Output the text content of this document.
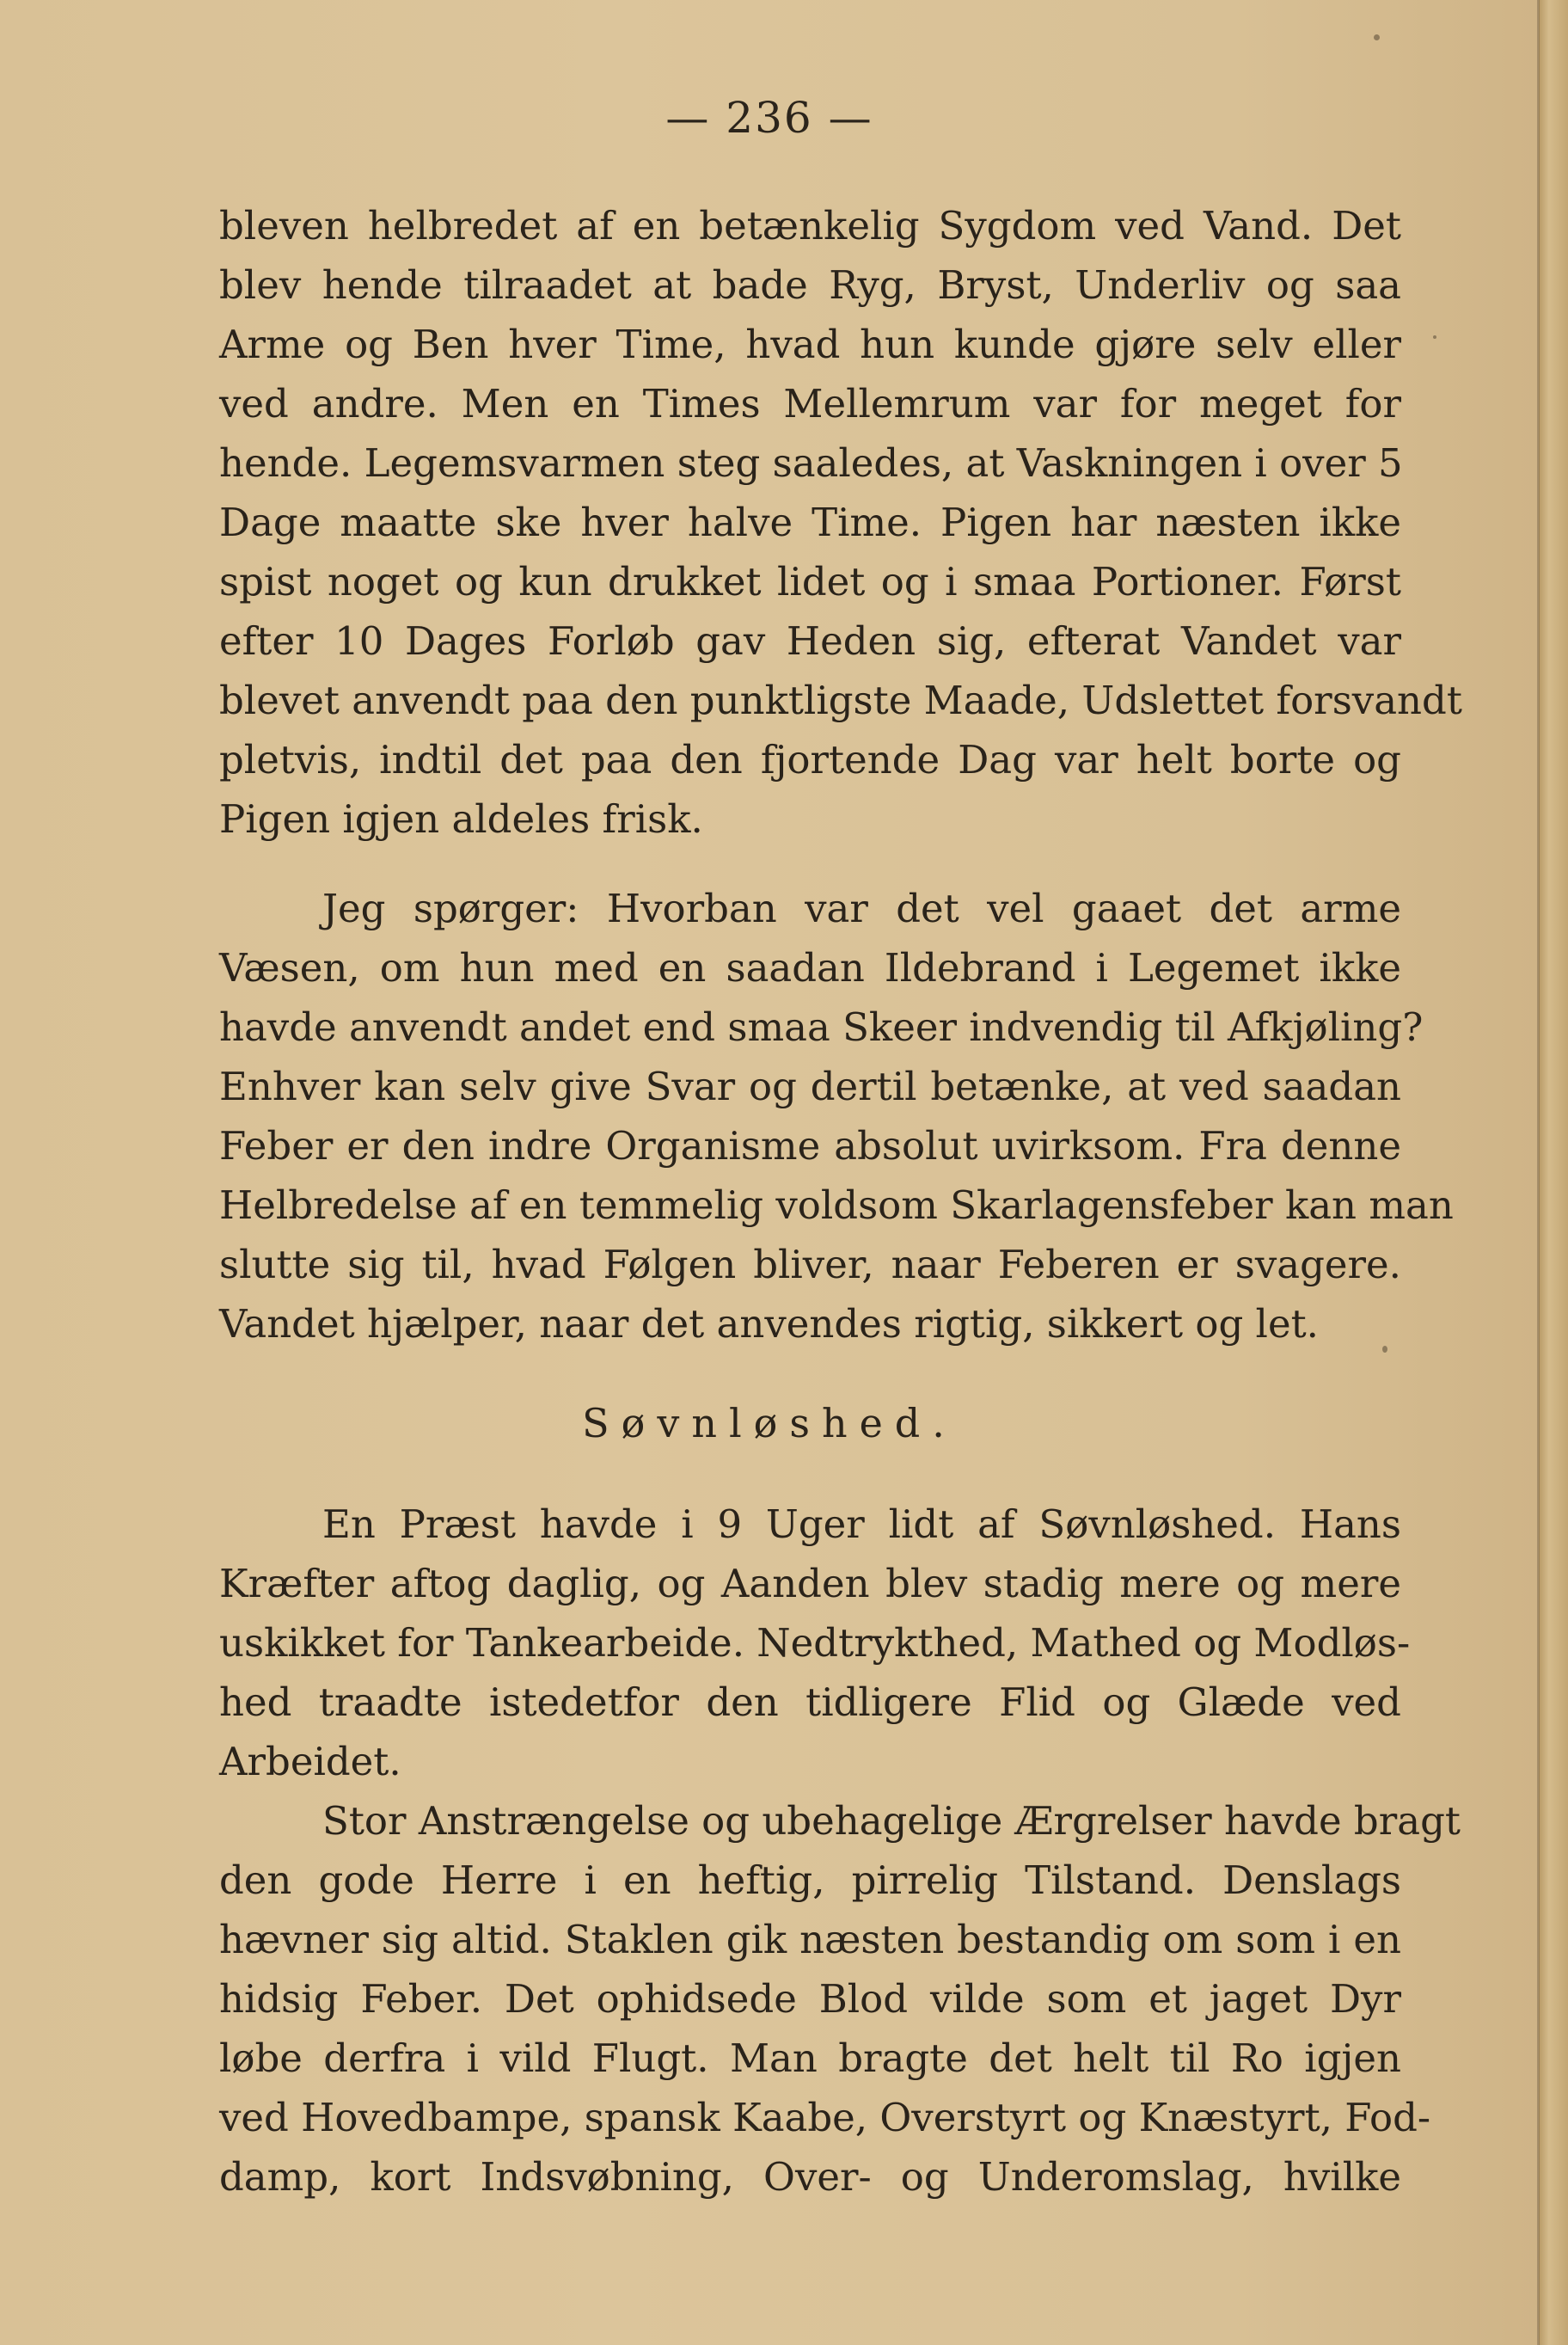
— 236 —
bleven helbredet af en betænkelig Sygdom ved Vand. Det
blev hende tilraadet at bade Ryg, Bryst, Underliv og saa
Arme og Ben hver Time, hvad hun kunde gjøre selv eller
ved andre. Men en Times Mellemrum var for meget for
hende. Legemsvarmen steg saaledes, at Vaskningen i over 5
Dage maatte ske hver halve Time. Pigen har næsten ikke
spist noget og kun drukket lidet og i smaa Portioner. Først
efter 10 Dages Forløb gav Heden sig, efterat Vandet var
blevet anvendt paa den punktligste Maade, Udslettet forsvandt
pletvis, indtil det paa den fjortende Dag var helt borte og
Pigen igjen aldeles frisk.
Jeg spørger: Hvorban var det vel gaaet det arme
Væsen, om hun med en saadan Ildebrand i Legemet ikke
havde anvendt andet end smaa Skeer indvendig til Afkjøling?
Enhver kan selv give Svar og dertil betænke, at ved saadan
Feber er den indre Organisme absolut uvirksom. Fra denne
Helbredelse af en temmelig voldsom Skarlagensfeber kan man
slutte sig til, hvad Følgen bliver, naar Feberen er svagere.
Vandet hjælper, naar det anvendes rigtig, sikkert og let.
Søvnløshed.
En Præst havde i 9 Uger lidt af Søvnløshed. Hans
Kræfter aftog daglig, og Aanden blev stadig mere og mere
uskikket for Tankearbeide. Nedtrykthed, Mathed og Modløs-
hed traadte istedetfor den tidligere Flid og Glæde ved
Arbeidet.
Stor Anstrængelse og ubehagelige Ærgrelser havde bragt
den gode Herre i en heftig, pirrelig Tilstand. Denslags
hævner sig altid. Staklen gik næsten bestandig om som i en
hidsig Feber. Det ophidsede Blod vilde som et jaget Dyr
løbe derfra i vild Flugt. Man bragte det helt til Ro igjen
ved Hovedbampe, spansk Kaabe, Overstyrt og Knæstyrt, Fod-
damp, kort Indsvøbning, Over- og Underomslag, hvilke
